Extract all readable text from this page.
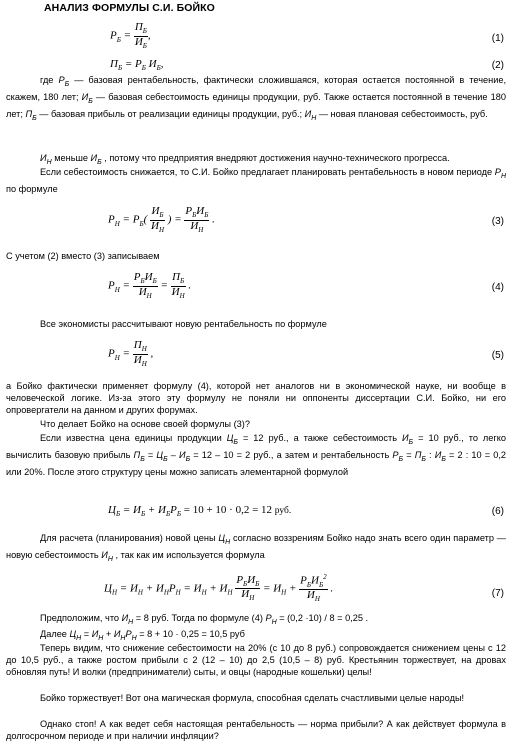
АНАЛИЗ ФОРМУЛЫ С.И. БОЙКО
$P_Б = \frac{П_Б}{И_Б}$ ,	(1)
$П_Б = Р_Б$ $И_Б$,	(2)
где $Р_Б$ — базовая рентабельность, фактически сложившаяся, которая остается постоянной в течение, скажем, 180 лет; $И_Б$ — базовая себестоимость единицы продукции, руб. Также остается постоянной в течение 180 лет; $П_Б$ — базовая прибыль от реализации единицы продукции, руб.; $И_Н$ — новая плановая себестоимость, руб.
$И_Н$ меньше $И_Б$ , потому что предприятия внедряют достижения научно-технического прогресса.
Если себестоимость снижается, то С.И. Бойко предлагает планировать рентабельность в новом периоде $Р_Н$ по формуле
$P_Н = P_Б( \frac{И_Б}{И_Н}$ ) = $\frac{P_БИ_Б}{И_Н}$ .	(3)
С учетом (2) вместо (3) записываем
$P_Н = \frac{P_БИ_Б}{И_Н} = \frac{П_Б}{И_Н}$ .	(4)
Все экономисты рассчитывают новую рентабельность по формуле
$P_Н = \frac{П_Н}{И_Н}$ ,	(5)
а Бойко фактически применяет формулу (4), которой нет аналогов ни в экономической науке, ни вообще в человеческой логике. Из-за этого эту формулу не поняли ни оппоненты диссертации С.И. Бойко, ни его опровергатели на данном и других форумах.
Что делает Бойко на основе своей формулы (3)?
Если известна цена единицы продукции $Ц_Б = 12$ руб., а также себестоимость $И_Б = 10$ руб., то легко вычислить базовую прибыль $П_Б = Ц_Б - И_Б = 12 - 10 = 2$ руб., а затем и рентабельность $Р_Б = П_Б$ : $И_Б = 2$ : 10 = 0,2 или 20%. После этого структуру цены можно записать элементарной формулой
$Ц_Б = И_Б + И_БР_Б = 10 + 10 \cdot 0,2 = 12$ руб.	(6)
Для расчета (планирования) новой цены $Ц_Н$ согласно воззрениям Бойко надо знать всего один параметр — новую себестоимость $И_Н$ , так как им используется формула
$Ц_Н = И_Н + И_НР_Н = И_Н + И_Н \frac{P_БИ_Б}{И_Н} = И_Н + \frac{P_БИ_Б^2}{И_Н}$ .	(7)
Предположим, что $И_Н = 8$ руб. Тогда по формуле (4) $Р_Н = (0,2 \cdot 10) / 8 = 0,25$ .
Далее $Ц_Н = И_Н + И_НР_Н = 8 + 10 \cdot 0,25 = 10,5$ руб
Теперь видим, что снижение себестоимости на 20% (с 10 до 8 руб.) сопровождается снижением цены с 12 до 10,5 руб., а также ростом прибыли с 2 (12 – 10) до 2,5 (10,5 – 8) руб. Крестьянин торжествует, на дровах обновляя путь! И волки (предприниматели) сыты, и овцы (народные кошельки) целы!
Бойко торжествует! Вот она магическая формула, способная сделать счастливыми целые народы!
Однако стоп! А как ведет себя настоящая рентабельность — норма прибыли? А как действует формула в долгосрочном периоде и при наличии инфляции?
